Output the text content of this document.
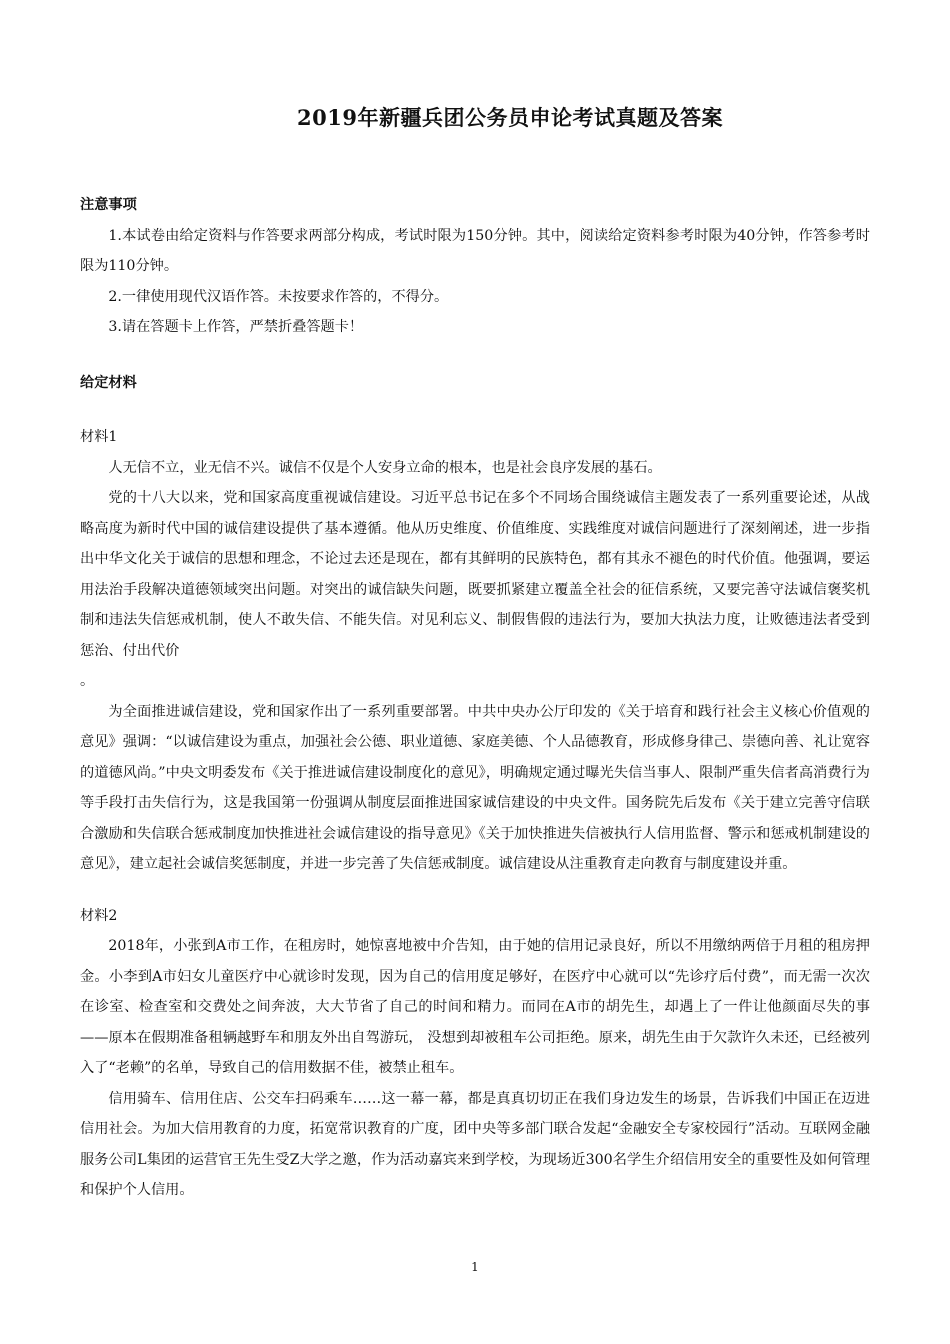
2019年新疆兵团公务员申论考试真题及答案

注意事项

1.本试卷由给定资料与作答要求两部分构成，考试时限为150分钟。其中，阅读给定资料参考时限为40分钟，作答参考时限为110分钟。

2.一律使用现代汉语作答。未按要求作答的，不得分。

3.请在答题卡上作答，严禁折叠答题卡！

给定材料

材料1

人无信不立，业无信不兴。诚信不仅是个人安身立命的根本，也是社会良序发展的基石。

党的十八大以来，党和国家高度重视诚信建设。习近平总书记在多个不同场合围绕诚信主题发表了一系列重要论述，从战略高度为新时代中国的诚信建设提供了基本遵循。他从历史维度、价值维度、实践维度对诚信问题进行了深刻阐述，进一步指出中华文化关于诚信的思想和理念，不论过去还是现在，都有其鲜明的民族特色，都有其永不褪色的时代价值。他强调，要运用法治手段解决道德领域突出问题。对突出的诚信缺失问题，既要抓紧建立覆盖全社会的征信系统，又要完善守法诚信褒奖机制和违法失信惩戒机制，使人不敢失信、不能失信。对见利忘义、制假售假的违法行为，要加大执法力度，让败德违法者受到惩治、付出代价

。

为全面推进诚信建设，党和国家作出了一系列重要部署。中共中央办公厅印发的《关于培育和践行社会主义核心价值观的意见》强调：“以诚信建设为重点，加强社会公德、职业道德、家庭美德、个人品德教育，形成修身律己、崇德向善、礼让宽容的道德风尚。”中央文明委发布《关于推进诚信建设制度化的意见》，明确规定通过曝光失信当事人、限制严重失信者高消费行为等手段打击失信行为，这是我国第一份强调从制度层面推进国家诚信建设的中央文件。国务院先后发布《关于建立完善守信联合激励和失信联合惩戒制度加快推进社会诚信建设的指导意见》《关于加快推进失信被执行人信用监督、警示和惩戒机制建设的意见》，建立起社会诚信奖惩制度，并进一步完善了失信惩戒制度。诚信建设从注重教育走向教育与制度建设并重。

材料2

2018年，小张到A市工作，在租房时，她惊喜地被中介告知，由于她的信用记录良好，所以不用缴纳两倍于月租的租房押金。小李到A市妇女儿童医疗中心就诊时发现，因为自己的信用度足够好，在医疗中心就可以“先诊疗后付费”，而无需一次次在诊室、检查室和交费处之间奔波，大大节省了自己的时间和精力。而同在A市的胡先生，却遇上了一件让他颜面尽失的事——原本在假期准备租辆越野车和朋友外出自驾游玩， 没想到却被租车公司拒绝。原来，胡先生由于欠款许久未还，已经被列入了“老赖”的名单，导致自己的信用数据不佳，被禁止租车。

信用骑车、信用住店、公交车扫码乘车……这一幕一幕，都是真真切切正在我们身边发生的场景，告诉我们中国正在迈进信用社会。为加大信用教育的力度，拓宽常识教育的广度，团中央等多部门联合发起“金融安全专家校园行”活动。互联网金融服务公司L集团的运营官王先生受Z大学之邀，作为活动嘉宾来到学校，为现场近300名学生介绍信用安全的重要性及如何管理和保护个人信用。

1
